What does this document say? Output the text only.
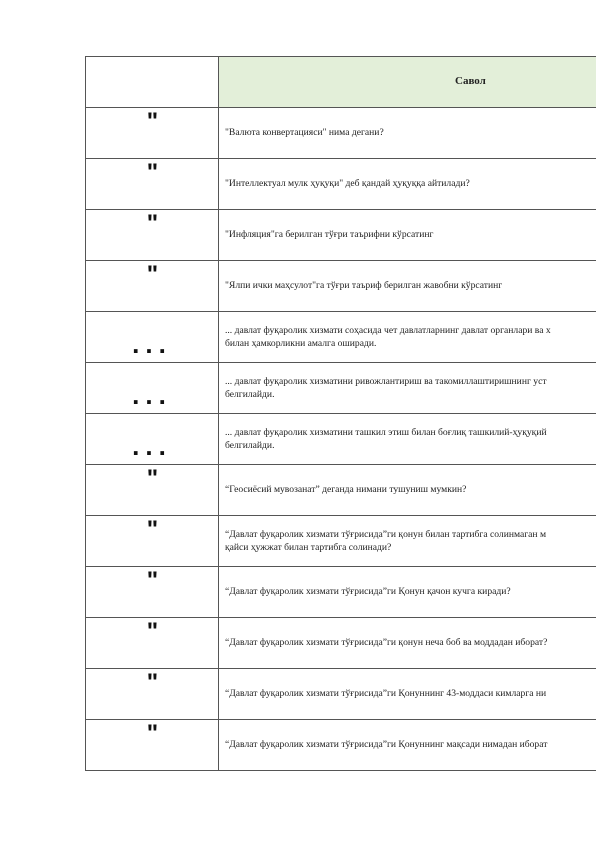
	Савол

"	"Валюта конвертацияси" нима дегани?

"	"Интеллектуал мулк ҳуқуқи" деб қандай ҳуқуққа айтилади?

"	"Инфляция"га берилган тўғри таърифни кўрсатинг

"	"Ялпи ички маҳсулот"га тўғри таъриф берилган жавобни кўрсатинг

...	... давлат фуқаролик хизмати соҳасида чет давлатларнинг давлат органлари ва х
билан ҳамкорликни амалга оширади.

...	... давлат фуқаролик хизматини ривожлантириш ва такомиллаштиришнинг уст
белгилайди.

...	... давлат фуқаролик хизматини ташкил этиш билан боғлиқ ташкилий-ҳуқуқий
белгилайди.

"	“Геосиёсий мувозанат” деганда нимани тушуниш мумкин?

"	“Давлат фуқаролик хизмати тўғрисида”ги қонун билан тартибга солинмаган м
қайси ҳужжат билан тартибга солинади?

"	“Давлат фуқаролик хизмати тўғрисида”ги Қонун қачон кучга киради?

"	“Давлат фуқаролик хизмати тўғрисида”ги қонун неча боб ва моддадан иборат?

"	“Давлат фуқаролик хизмати тўғрисида”ги Қонуннинг 43-моддаси кимларга ни

"	“Давлат фуқаролик хизмати тўғрисида”ги Қонуннинг мақсади нимадан иборат
